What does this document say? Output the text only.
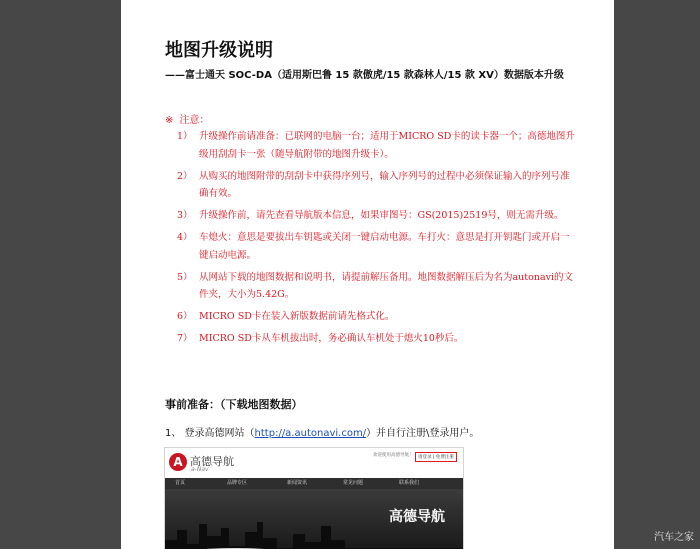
地图升级说明
——富士通天 SOC-DA（适用斯巴鲁 15 款傲虎/15 款森林人/15 款 XV）数据版本升级
※ 注意：
1） 升级操作前请准备：已联网的电脑一台；适用于MICRO SD卡的读卡器一个；高德地图升级用刮刮卡一张（随导航附带的地图升级卡）。
2） 从购买的地图附带的刮刮卡中获得序列号，输入序列号的过程中必须保证输入的序列号准确有效。
3） 升级操作前，请先查看导航版本信息，如果审图号：GS(2015)2519号，则无需升级。
4） 车熄火：意思是要拔出车钥匙或关闭一键启动电源。车打火：意思是打开钥匙门或开启一键启动电源。
5） 从网站下载的地图数据和说明书，请提前解压备用。地图数据解压后为名为autonavi的文件夹，大小为5.42G。
6） MICRO SD卡在装入新版数据前请先格式化。
7） MICRO SD卡从车机拔出时，务必确认车机处于熄火10秒后。
事前准备：（下载地图数据）
1、 登录高德网站（http://a.autonavi.com/）并自行注册\登录用户。
A 高德导航
a-Nav
欢迎使用高德导航！	请登录 | 免费注册
首页	品牌专区	新闻资讯	常见问题	联系我们
高德导航
汽车之家
